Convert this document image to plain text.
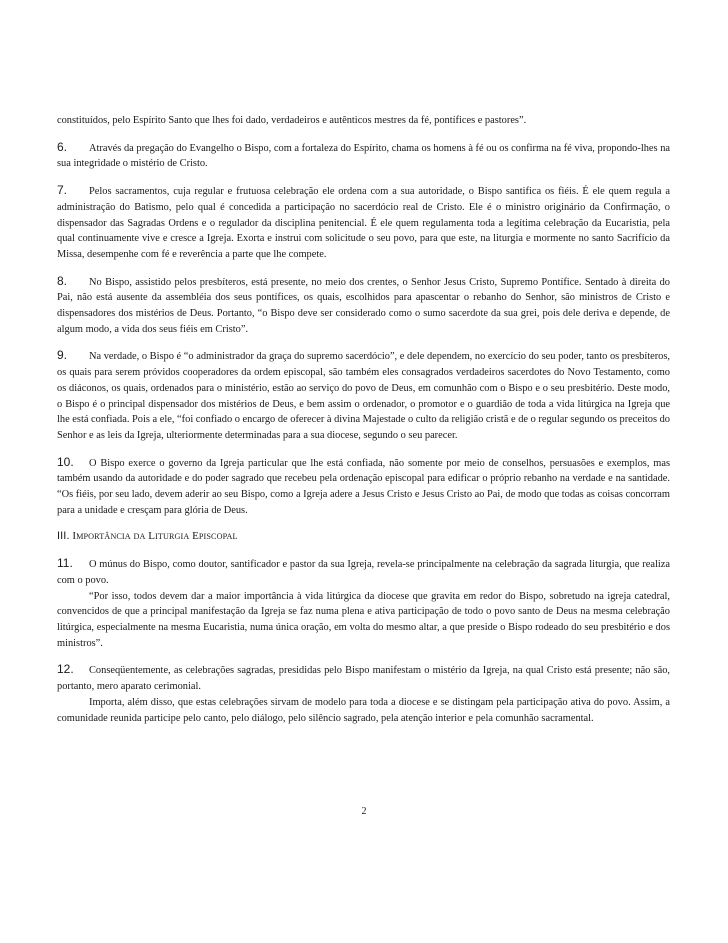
constituídos, pelo Espírito Santo que lhes foi dado, verdadeiros e autênticos mestres da fé, pontífices e pastores”.

6. Através da pregação do Evangelho o Bispo, com a fortaleza do Espírito, chama os homens à fé ou os confirma na fé viva, propondo-lhes na sua integridade o mistério de Cristo.

7. Pelos sacramentos, cuja regular e frutuosa celebração ele ordena com a sua autoridade, o Bispo santifica os fiéis. É ele quem regula a administração do Batismo, pelo qual é concedida a participação no sacerdócio real de Cristo. Ele é o ministro originário da Confirmação, o dispensador das Sagradas Ordens e o regulador da disciplina penitencial. É ele quem regulamenta toda a legítima celebração da Eucaristia, pela qual continuamente vive e cresce a Igreja. Exorta e instrui com solicitude o seu povo, para que este, na liturgia e mormente no santo Sacrifício da Missa, desempenhe com fé e reverência a parte que lhe compete.

8. No Bispo, assistido pelos presbíteros, está presente, no meio dos crentes, o Senhor Jesus Cristo, Supremo Pontífice. Sentado à direita do Pai, não está ausente da assembléia dos seus pontífices, os quais, escolhidos para apascentar o rebanho do Senhor, são ministros de Cristo e dispensadores dos mistérios de Deus. Portanto, “o Bispo deve ser considerado como o sumo sacerdote da sua grei, pois dele deriva e depende, de algum modo, a vida dos seus fiéis em Cristo”.

9. Na verdade, o Bispo é “o administrador da graça do supremo sacerdócio”, e dele dependem, no exercício do seu poder, tanto os presbíteros, os quais para serem próvidos cooperadores da ordem episcopal, são também eles consagrados verdadeiros sacerdotes do Novo Testamento, como os diáconos, os quais, ordenados para o ministério, estão ao serviço do povo de Deus, em comunhão com o Bispo e o seu presbitério. Deste modo, o Bispo é o principal dispensador dos mistérios de Deus, e bem assim o ordenador, o promotor e o guardião de toda a vida litúrgica na Igreja que lhe está confiada. Pois a ele, “foi confiado o encargo de oferecer à divina Majestade o culto da religião cristã e de o regular segundo os preceitos do Senhor e as leis da Igreja, ulteriormente determinadas para a sua diocese, segundo o seu parecer.

10. O Bispo exerce o governo da Igreja particular que lhe está confiada, não somente por meio de conselhos, persuasões e exemplos, mas também usando da autoridade e do poder sagrado que recebeu pela ordenação episcopal para edificar o próprio rebanho na verdade e na santidade. “Os fiéis, por seu lado, devem aderir ao seu Bispo, como a Igreja adere a Jesus Cristo e Jesus Cristo ao Pai, de modo que todas as coisas concorram para a unidade e cresçam para glória de Deus.

III. IMPORTÂNCIA DA LITURGIA EPISCOPAL

11. O múnus do Bispo, como doutor, santificador e pastor da sua Igreja, revela-se principalmente na celebração da sagrada liturgia, que realiza com o povo.

“Por isso, todos devem dar a maior importância à vida litúrgica da diocese que gravita em redor do Bispo, sobretudo na igreja catedral, convencidos de que a principal manifestação da Igreja se faz numa plena e ativa participação de todo o povo santo de Deus na mesma celebração litúrgica, especialmente na mesma Eucaristia, numa única oração, em volta do mesmo altar, a que preside o Bispo rodeado do seu presbitério e dos ministros”.

12. Conseqüentemente, as celebrações sagradas, presididas pelo Bispo manifestam o mistério da Igreja, na qual Cristo está presente; não são, portanto, mero aparato cerimonial.

Importa, além disso, que estas celebrações sirvam de modelo para toda a diocese e se distingam pela participação ativa do povo. Assim, a comunidade reunida participe pelo canto, pelo diálogo, pelo silêncio sagrado, pela atenção interior e pela comunhão sacramental.

2
